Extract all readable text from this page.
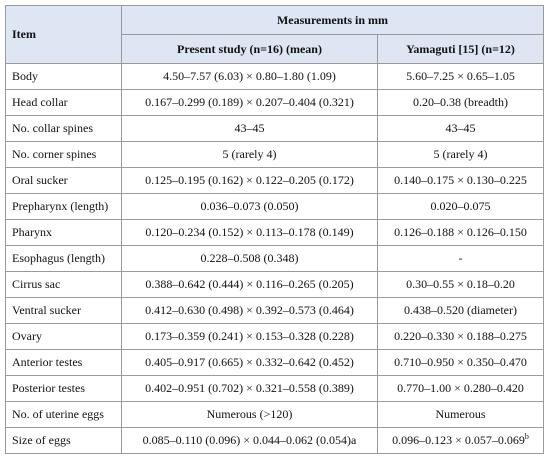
Item	Measurements in mm	
	Present study (n=16) (mean)	Yamaguti [15] (n=12)
Body	4.50–7.57 (6.03) × 0.80–1.80 (1.09)	5.60–7.25 × 0.65–1.05
Head collar	0.167–0.299 (0.189) × 0.207–0.404 (0.321)	0.20–0.38 (breadth)
No. collar spines	43–45	43–45
No. corner spines	5 (rarely 4)	5 (rarely 4)
Oral sucker	0.125–0.195 (0.162) × 0.122–0.205 (0.172)	0.140–0.175 × 0.130–0.225
Prepharynx (length)	0.036–0.073 (0.050)	0.020–0.075
Pharynx	0.120–0.234 (0.152) × 0.113–0.178 (0.149)	0.126–0.188 × 0.126–0.150
Esophagus (length)	0.228–0.508 (0.348)	-
Cirrus sac	0.388–0.642 (0.444) × 0.116–0.265 (0.205)	0.30–0.55 × 0.18–0.20
Ventral sucker	0.412–0.630 (0.498) × 0.392–0.573 (0.464)	0.438–0.520 (diameter)
Ovary	0.173–0.359 (0.241) × 0.153–0.328 (0.228)	0.220–0.330 × 0.188–0.275
Anterior testes	0.405–0.917 (0.665) × 0.332–0.642 (0.452)	0.710–0.950 × 0.350–0.470
Posterior testes	0.402–0.951 (0.702) × 0.321–0.558 (0.389)	0.770–1.00 × 0.280–0.420
No. of uterine eggs	Numerous (>120)	Numerous
Size of eggs	0.085–0.110 (0.096) × 0.044–0.062 (0.054)a	0.096–0.123 × 0.057–0.069$^b$
